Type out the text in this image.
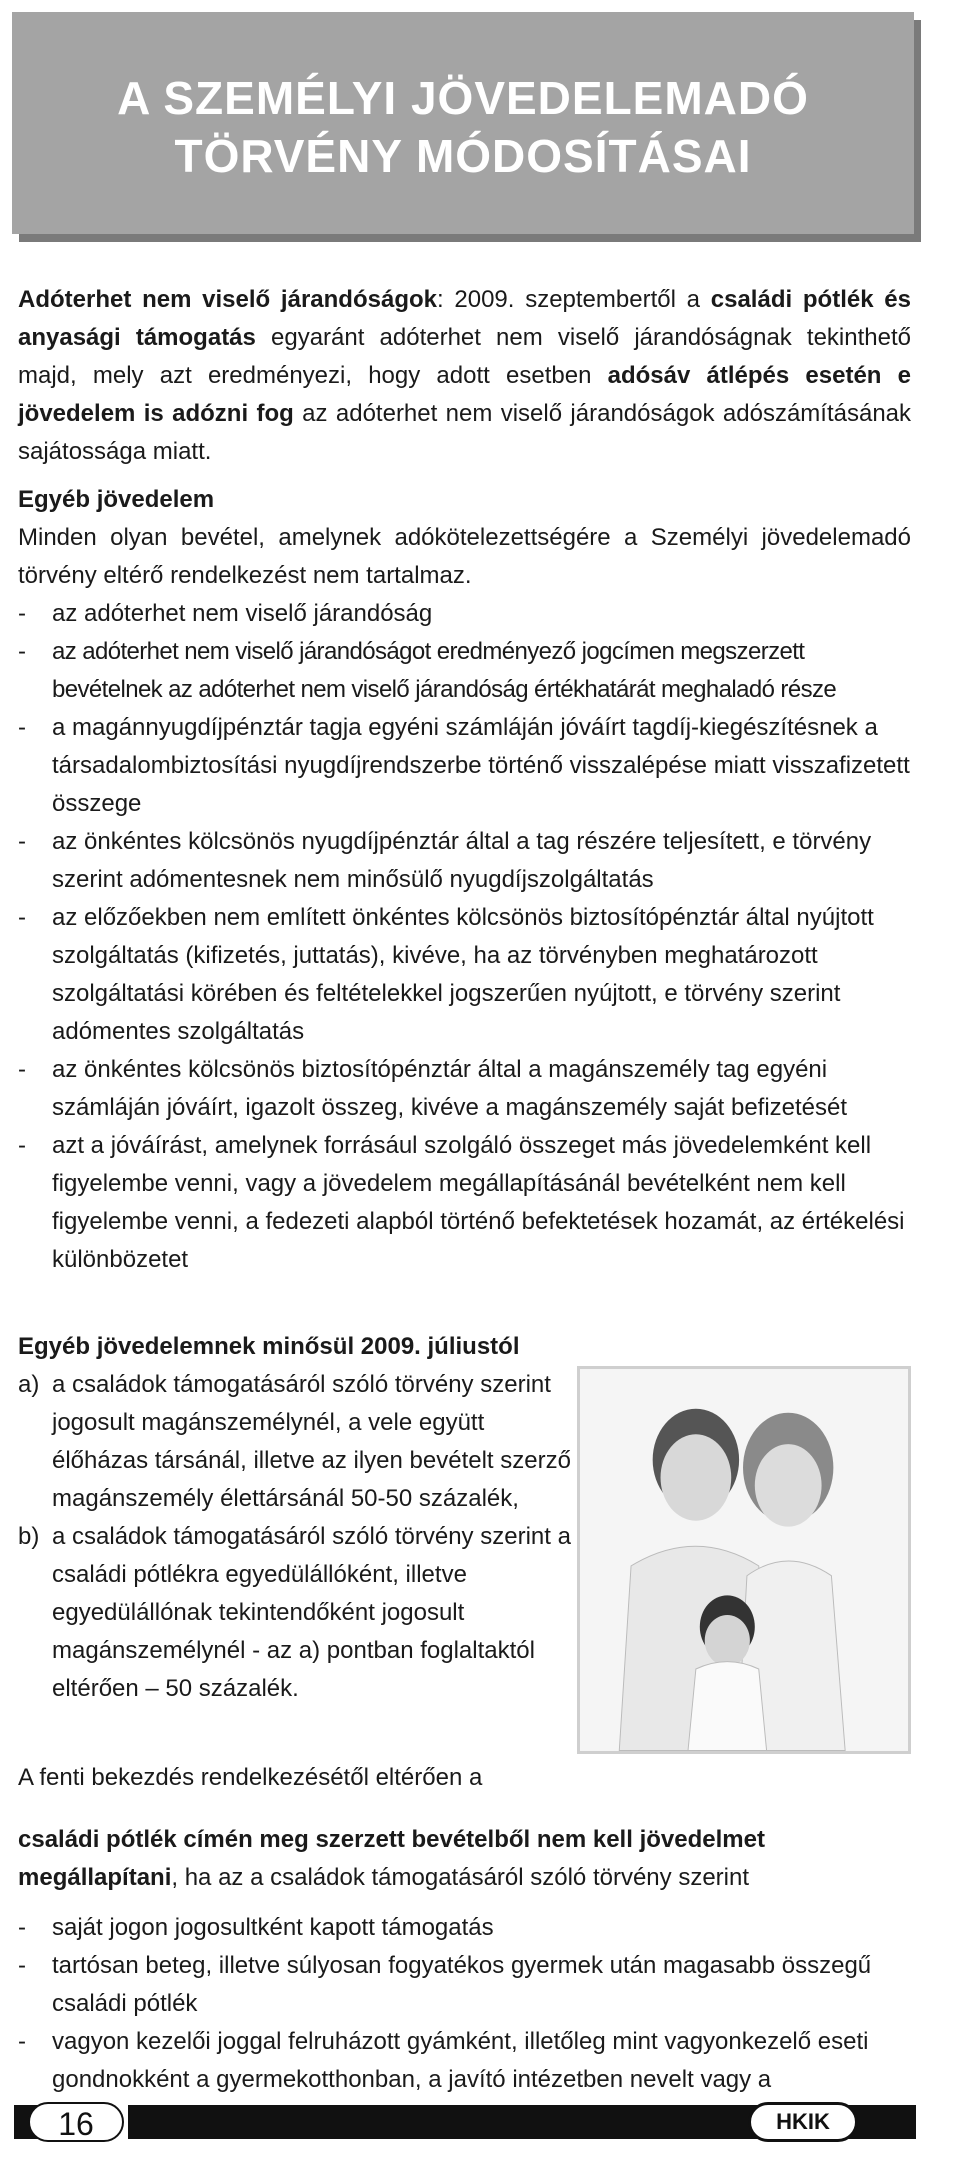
A SZEMÉLYI JÖVEDELEMADÓ
TÖRVÉNY MÓDOSÍTÁSAI

Adóterhet nem viselő járandóságok: 2009. szeptembertől a családi pótlék és anyasági támogatás egyaránt adóterhet nem viselő járandóságnak tekinthető majd, mely azt eredményezi, hogy adott esetben adósáv átlépés esetén e jövedelem is adózni fog az adóterhet nem viselő járandóságok adószámításának sajátossága miatt.

Egyéb jövedelem

Minden olyan bevétel, amelynek adókötelezettségére a Személyi jövedelemadó törvény eltérő rendelkezést nem tartalmaz.

- az adóterhet nem viselő járandóság
- az adóterhet nem viselő járandóságot eredményező jogcímen megszerzett bevételnek az adóterhet nem viselő járandóság értékhatárát meghaladó része
- a magánnyugdíjpénztár tagja egyéni számláján jóváírt tagdíj-kiegészítésnek a társadalombiztosítási nyugdíjrendszerbe történő visszalépése miatt visszafizetett összege
- az önkéntes kölcsönös nyugdíjpénztár által a tag részére teljesített, e törvény szerint adómentesnek nem minősülő nyugdíjszolgáltatás
- az előzőekben nem említett önkéntes kölcsönös biztosítópénztár által nyújtott szolgáltatás (kifizetés, juttatás), kivéve, ha az törvényben meghatározott szolgáltatási körében és feltételekkel jogszerűen nyújtott, e törvény szerint adómentes szolgáltatás
- az önkéntes kölcsönös biztosítópénztár által a magánszemély tag egyéni számláján jóváírt, igazolt összeg, kivéve a magánszemély saját befizetését
- azt a jóváírást, amelynek forrásául szolgáló összeget más jövedelemként kell figyelembe venni, vagy a jövedelem megállapításánál bevételként nem kell figyelembe venni, a fedezeti alapból történő befektetések hozamát, az értékelési különbözetet

Egyéb jövedelemnek minősül 2009. júliustól

a) a családok támogatásáról szóló törvény szerint jogosult magánszemélynél, a vele együtt élőházas társánál, illetve az ilyen bevételt szerző magánszemély élettársánál 50-50 százalék,
b) a családok támogatásáról szóló törvény szerint a családi pótlékra egyedülállóként, illetve egyedülállónak tekintendőként jogosult magánszemélynél - az a) pontban foglaltaktól eltérően – 50 százalék.

A fenti bekezdés rendelkezésétől eltérően a

családi pótlék címén meg szerzett bevételből nem kell jövedelmet megállapítani, ha az a családok támogatásáról szóló törvény szerint

- saját jogon jogosultként kapott támogatás
- tartósan beteg, illetve súlyosan fogyatékos gyermek után magasabb összegű családi pótlék
- vagyon kezelői joggal felruházott gyámként, illetőleg mint vagyonkezelő eseti gondnokként a gyermekotthonban, a javító intézetben nevelt vagy a
16	HKIK
